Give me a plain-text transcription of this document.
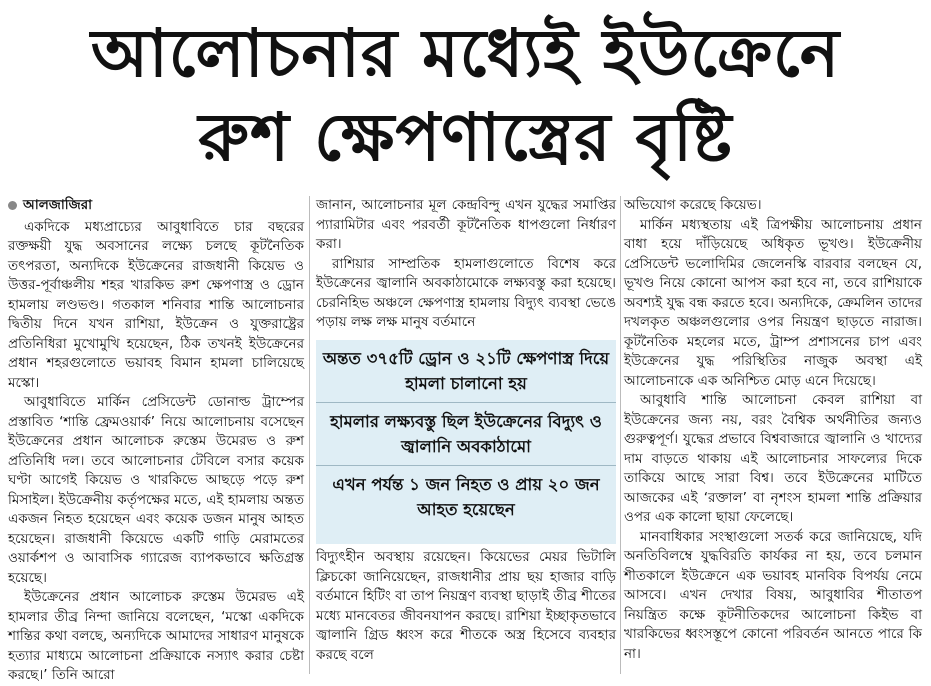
আলোচনার মধ্যেই ইউক্রেনে
রুশ ক্ষেপণাস্ত্রের বৃষ্টি
আলজাজিরা

একদিকে মধ্যপ্রাচ্যের আবুধাবিতে চার বছরের রক্তক্ষয়ী যুদ্ধ অবসানের লক্ষ্যে চলছে কূটনৈতিক তৎপরতা, অন্যদিকে ইউক্রেনের রাজধানী কিয়েভ ও উত্তর-পূর্বাঞ্চলীয় শহর খারকিভ রুশ ক্ষেপণাস্ত্র ও ড্রোন হামলায় লণ্ডভণ্ড। গতকাল শনিবার শান্তি আলোচনার দ্বিতীয় দিনে যখন রাশিয়া, ইউক্রেন ও যুক্তরাষ্ট্রের প্রতিনিধিরা মুখোমুখি হয়েছেন, ঠিক তখনই ইউক্রেনের প্রধান শহরগুলোতে ভয়াবহ বিমান হামলা চালিয়েছে মস্কো।

আবুধাবিতে মার্কিন প্রেসিডেন্ট ডোনাল্ড ট্রাম্পের প্রস্তাবিত ‘শান্তি ফ্রেমওয়ার্ক’ নিয়ে আলোচনায় বসেছেন ইউক্রেনের প্রধান আলোচক রুস্তেম উমেরভ ও রুশ প্রতিনিধি দল। তবে আলোচনার টেবিলে বসার কয়েক ঘণ্টা আগেই কিয়েভ ও খারকিভে আছড়ে পড়ে রুশ মিসাইল। ইউক্রেনীয় কর্তৃপক্ষের মতে, এই হামলায় অন্তত একজন নিহত হয়েছেন এবং কয়েক ডজন মানুষ আহত হয়েছেন। রাজধানী কিয়েভে একটি গাড়ি মেরামতের ওয়ার্কশপ ও আবাসিক গ্যারেজ ব্যাপকভাবে ক্ষতিগ্রস্ত হয়েছে।

ইউক্রেনের প্রধান আলোচক রুস্তেম উমেরভ এই হামলার তীব্র নিন্দা জানিয়ে বলেছেন, ‘মস্কো একদিকে শান্তির কথা বলছে, অন্যদিকে আমাদের সাধারণ মানুষকে হত্যার মাধ্যমে আলোচনা প্রক্রিয়াকে নস্যাৎ করার চেষ্টা করছে।’ তিনি আরো

জানান, আলোচনার মূল কেন্দ্রবিন্দু এখন যুদ্ধের সমাপ্তির প্যারামিটার এবং পরবর্তী কূটনৈতিক ধাপগুলো নির্ধারণ করা।

রাশিয়ার সাম্প্রতিক হামলাগুলোতে বিশেষ করে ইউক্রেনের জ্বালানি অবকাঠামোকে লক্ষ্যবস্তু করা হয়েছে। চেরনিহিভ অঞ্চলে ক্ষেপণাস্ত্র হামলায় বিদ্যুৎ ব্যবস্থা ভেঙে পড়ায় লক্ষ লক্ষ মানুষ বর্তমানে

অন্তত ৩৭৫টি ড্রোন ও ২১টি ক্ষেপণাস্ত্র দিয়ে হামলা চালানো হয়
হামলার লক্ষ্যবস্তু ছিল ইউক্রেনের বিদ্যুৎ ও জ্বালানি অবকাঠামো
এখন পর্যন্ত ১ জন নিহত ও প্রায় ২০ জন আহত হয়েছেন

বিদ্যুৎহীন অবস্থায় রয়েছেন। কিয়েভের মেয়র ভিটালি ক্লিচকো জানিয়েছেন, রাজধানীর প্রায় ছয় হাজার বাড়ি বর্তমানে হিটিং বা তাপ নিয়ন্ত্রণ ব্যবস্থা ছাড়াই তীব্র শীতের মধ্যে মানবেতর জীবনযাপন করছে। রাশিয়া ইচ্ছাকৃতভাবে জ্বালানি গ্রিড ধ্বংস করে শীতকে অস্ত্র হিসেবে ব্যবহার করছে বলে

অভিযোগ করেছে কিয়েভ।

মার্কিন মধ্যস্থতায় এই ত্রিপক্ষীয় আলোচনায় প্রধান বাধা হয়ে দাঁড়িয়েছে অধিকৃত ভূখণ্ড। ইউক্রেনীয় প্রেসিডেন্ট ভলোদিমির জেলেনস্কি বারবার বলছেন যে, ভূখণ্ড নিয়ে কোনো আপস করা হবে না, তবে রাশিয়াকে অবশ্যই যুদ্ধ বন্ধ করতে হবে। অন্যদিকে, ক্রেমলিন তাদের দখলকৃত অঞ্চলগুলোর ওপর নিয়ন্ত্রণ ছাড়তে নারাজ। কূটনৈতিক মহলের মতে, ট্রাম্প প্রশাসনের চাপ এবং ইউক্রেনের যুদ্ধ পরিস্থিতির নাজুক অবস্থা এই আলোচনাকে এক অনিশ্চিত মোড় এনে দিয়েছে।

আবুধাবি শান্তি আলোচনা কেবল রাশিয়া বা ইউক্রেনের জন্য নয়, বরং বৈশ্বিক অর্থনীতির জন্যও গুরুত্বপূর্ণ। যুদ্ধের প্রভাবে বিশ্ববাজারে জ্বালানি ও খাদ্যের দাম বাড়তে থাকায় এই আলোচনার সাফল্যের দিকে তাকিয়ে আছে সারা বিশ্ব। তবে ইউক্রেনের মাটিতে আজকের এই ‘রক্তাল’ বা নৃশংস হামলা শান্তি প্রক্রিয়ার ওপর এক কালো ছায়া ফেলেছে।

মানবাধিকার সংস্থাগুলো সতর্ক করে জানিয়েছে, যদি অনতিবিলম্বে যুদ্ধবিরতি কার্যকর না হয়, তবে চলমান শীতকালে ইউক্রেনে এক ভয়াবহ মানবিক বিপর্যয় নেমে আসবে। এখন দেখার বিষয়, আবুধাবির শীতাতপ নিয়ন্ত্রিত কক্ষে কূটনীতিকদের আলোচনা কিইভ বা খারকিভের ধ্বংসস্তূপে কোনো পরিবর্তন আনতে পারে কি না।
